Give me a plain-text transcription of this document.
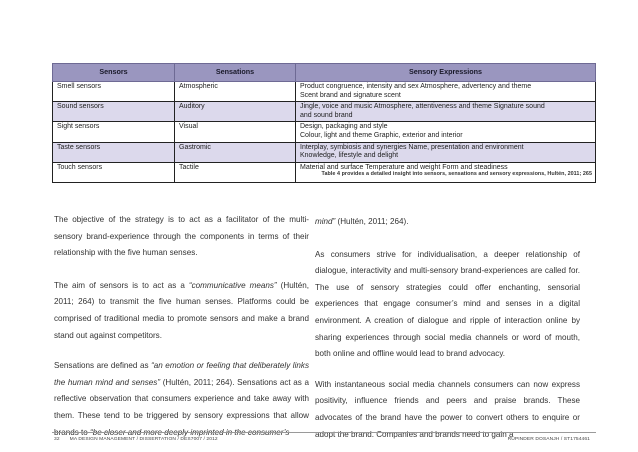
Sensors	Sensations	Sensory Expressions
Smell sensors	Atmospheric	Product congruence, intensity and sex Atmosphere, advertency and theme
Scent brand and signature scent

Sound sensors	Auditory	Jingle, voice and music Atmosphere, attentiveness and theme Signature sound
and sound brand

Sight sensors	Visual	Design, packaging and style
Colour, light and theme Graphic, exterior and interior

Taste sensors	Gastromic	Interplay, symbiosis and synergies Name, presentation and environment
Knowledge, lifestyle and delight

Touch sensors	Tactile	Material and surface Temperature and weight Form and steadiness
Table 4 provides a detailed insight into sensors, sensations and sensory expressions, Hultén, 2011; 265

The objective of the strategy is to act as a facilitator of the multi-sensory brand-experience through the components in terms of their relationship with the five human senses.

The aim of sensors is to act as a “communicative means” (Hultén, 2011; 264) to transmit the five human senses. Platforms could be comprised of traditional media to promote sensors and make a brand stand out against competitors.

Sensations are defined as “an emotion or feeling that deliberately links the human mind and senses” (Hultén, 2011; 264). Sensations act as a reflective observation that consumers experience and take away with them. These tend to be triggered by sensory expressions that allow brands to “be closer and more deeply imprinted in the consumer’s

mind” (Hultén, 2011; 264).

As consumers strive for individualisation, a deeper relationship of dialogue, interactivity and multi-sensory brand-experiences are called for. The use of sensory strategies could offer enchanting, sensorial experiences that engage consumer’s mind and senses in a digital environment. A creation of dialogue and ripple of interaction online by sharing experiences through social media channels or word of mouth, both online and offline would lead to brand advocacy.

With instantaneous social media channels consumers can now express positivity, influence friends and peers and praise brands. These advocates of the brand have the power to convert others to enquire or adopt the brand. Companies and brands need to gain a

32 MA DESIGN MANAGEMENT / DISSERTATION / DES7007 / 2012	RUPINDER DOSANJH / ST1754461
